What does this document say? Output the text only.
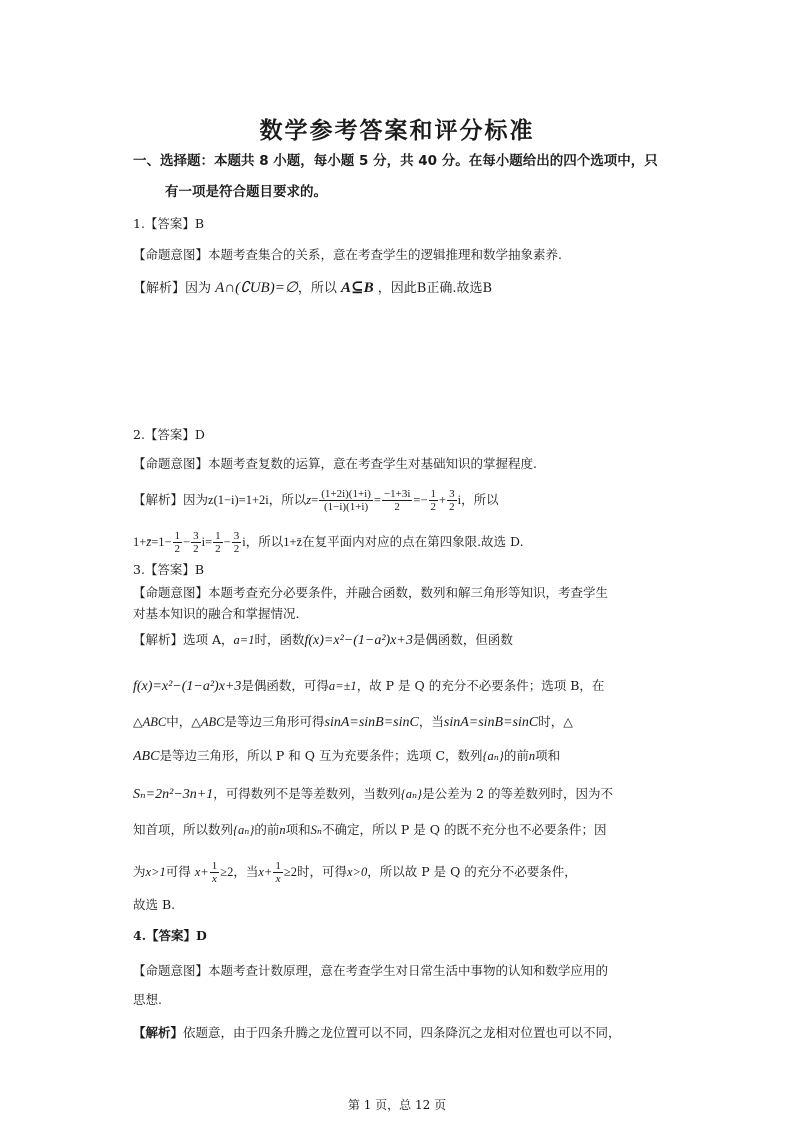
数学参考答案和评分标准
一、选择题：本题共 8 小题，每小题 5 分，共 40 分。在每小题给出的四个选项中，只
有一项是符合题目要求的。
1.【答案】B
【命题意图】本题考查集合的关系，意在考查学生的逻辑推理和数学抽象素养.
【解析】因为 A∩(∁UB)=∅，所以 A⊆B ，因此B正确.故选B
2.【答案】D
【命题意图】本题考查复数的运算，意在考查学生对基础知识的掌握程度.
【解析】因为z(1−i)=1+2i，所以$z= \frac{(1+2i)(1+i)}{(1-i)(1+i)} = \frac{-1+3i}{2} =- \frac{1}{2} + \frac{3}{2}$ i，所以
1+z̄=1− $\frac{1}{2} - \frac{3}{2} i= \frac{1}{2} - \frac{3}{2}$ i，所以1+z̄在复平面内对应的点在第四象限.故选 D.
3.【答案】B
【命题意图】本题考查充分必要条件，并融合函数，数列和解三角形等知识，考查学生
对基本知识的融合和掌握情况.
【解析】选项 A，a=1时，函数f(x)=x²−(1−a²)x+3是偶函数，但函数
f(x)=x²−(1−a²)x+3是偶函数，可得a=±1，故 P 是 Q 的充分不必要条件；选项 B，在
△ABC中，△ABC是等边三角形可得sinA=sinB=sinC，当sinA=sinB=sinC时，△
ABC是等边三角形，所以 P 和 Q 互为充要条件；选项 C，数列{aₙ}的前n项和
Sₙ=2n²−3n+1，可得数列不是等差数列，当数列{aₙ}是公差为 2 的等差数列时，因为不
知首项，所以数列{aₙ}的前n项和Sₙ不确定，所以 P 是 Q 的既不充分也不必要条件；因
为x>1可得 $x+ \frac{1}{x} \ge 2$，当$x+ \frac{1}{x} \ge 2$时，可得x>0，所以故 P 是 Q 的充分不必要条件，
故选 B.
4.【答案】D
【命题意图】本题考查计数原理，意在考查学生对日常生活中事物的认知和数学应用的
思想.
【解析】依题意，由于四条升腾之龙位置可以不同，四条降沉之龙相对位置也可以不同，
第 1 页，总 12 页
